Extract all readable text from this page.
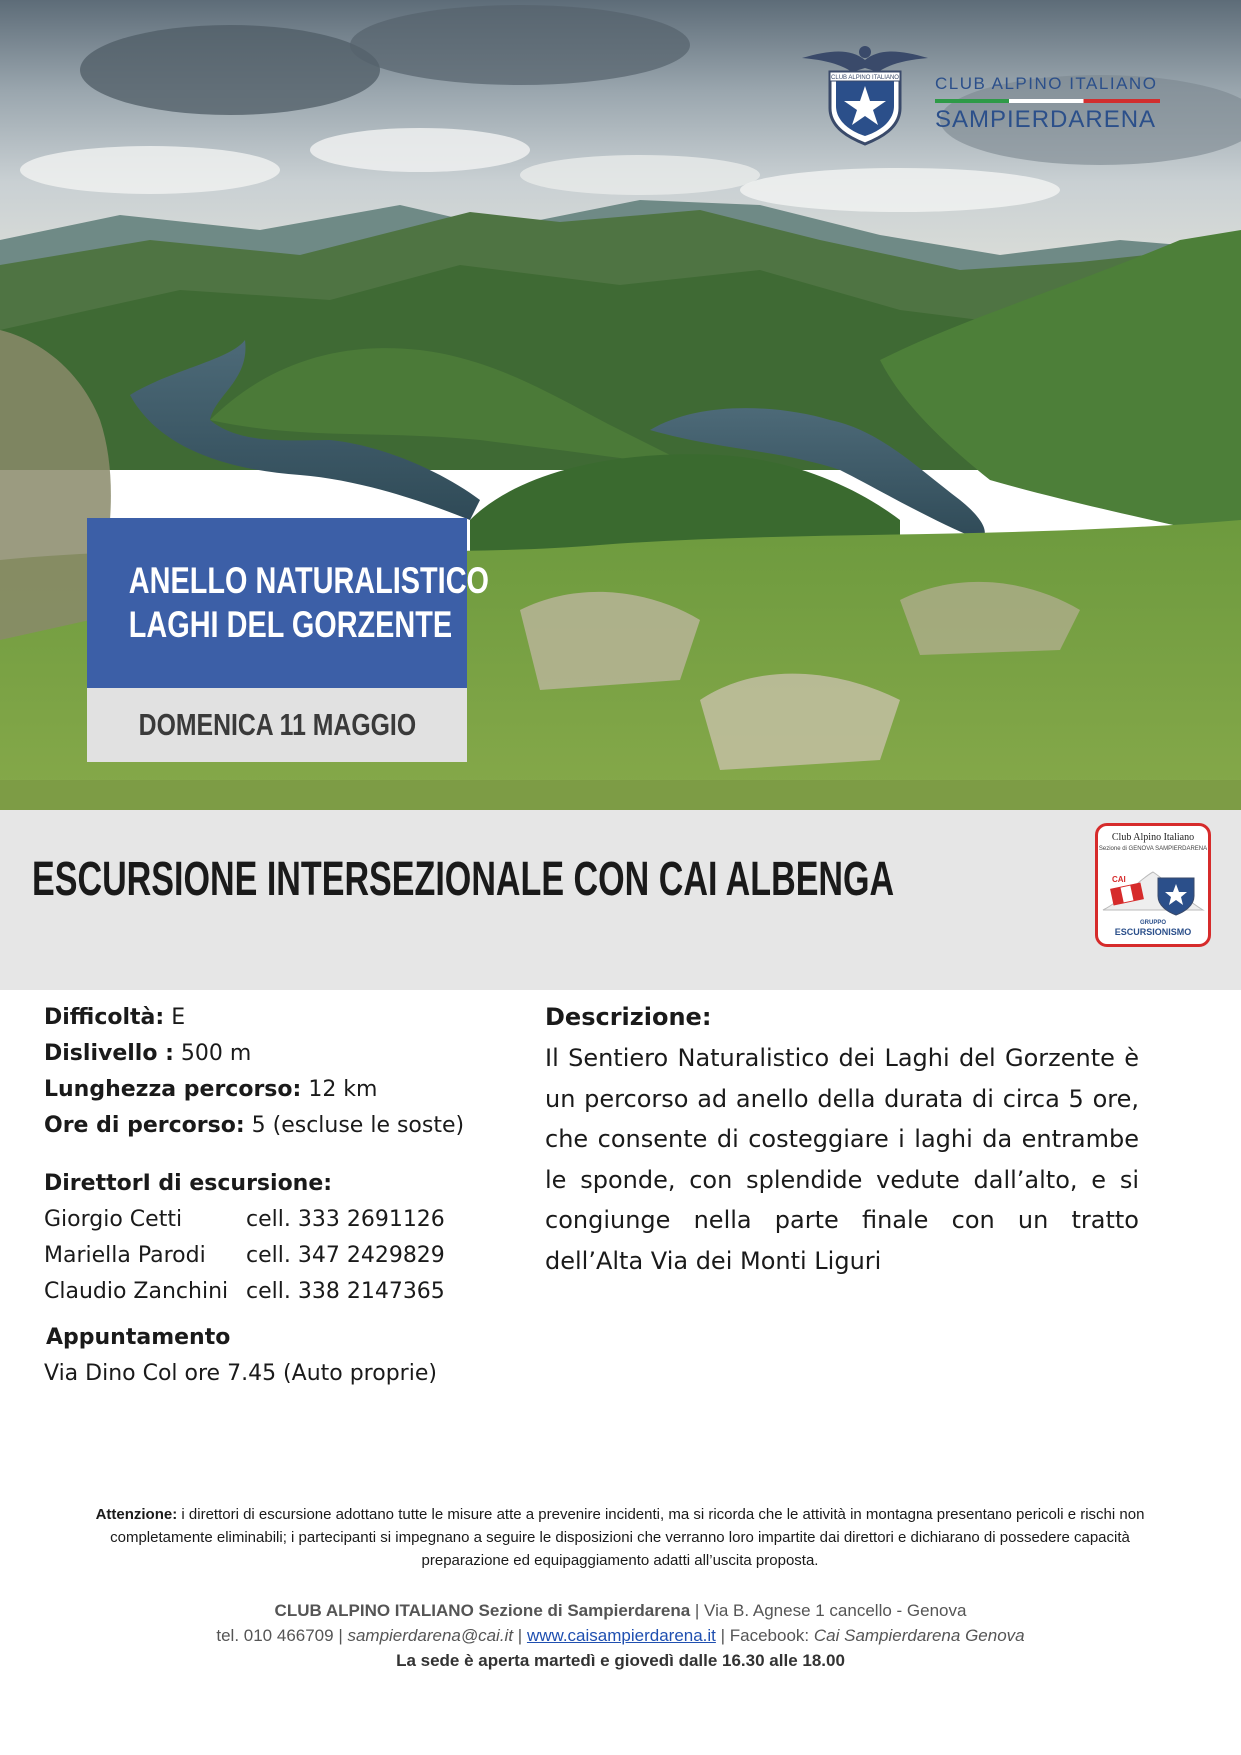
CLUB ALPINO ITALIANO CLUB ALPINO ITALIANO
SAMPIERDARENA
ANELLO NATURALISTICO
LAGHI DEL GORZENTE
DOMENICA 11 MAGGIO
ESCURSIONE INTERSEZIONALE CON CAI ALBENGA
Club Alpino Italiano
Sezione di GENOVA SAMPIERDARENA
CAI
GRUPPO
ESCURSIONISMO
Difficoltà: E
Dislivello : 500 m
Lunghezza percorso: 12 km
Ore di percorso: 5 (escluse le soste)
DirettorI di escursione:
Giorgio Cetti	cell. 333 2691126
Mariella Parodi cell. 347 2429829
Claudio Zanchini cell. 338 2147365
Appuntamento
Via Dino Col ore 7.45 (Auto proprie)
Descrizione:

Il Sentiero Naturalistico dei Laghi del Gorzente è un percorso ad anello della durata di circa 5 ore, che consente di costeggiare i laghi da entrambe le sponde, con splendide vedute dall’alto, e si congiunge nella parte finale con un tratto dell’Alta Via dei Monti Liguri

Attenzione: i direttori di escursione adottano tutte le misure atte a prevenire incidenti, ma si ricorda che le attività in montagna presentano pericoli e rischi non completamente eliminabili; i partecipanti si impegnano a seguire le disposizioni che verranno loro impartite dai direttori e dichiarano di possedere capacità preparazione ed equipaggiamento adatti all’uscita proposta.
CLUB ALPINO ITALIANO Sezione di Sampierdarena | Via B. Agnese 1 cancello - Genova
tel. 010 466709 | sampierdarena@cai.it | www.caisampierdarena.it | Facebook: Cai Sampierdarena Genova
La sede è aperta martedì e giovedì dalle 16.30 alle 18.00
